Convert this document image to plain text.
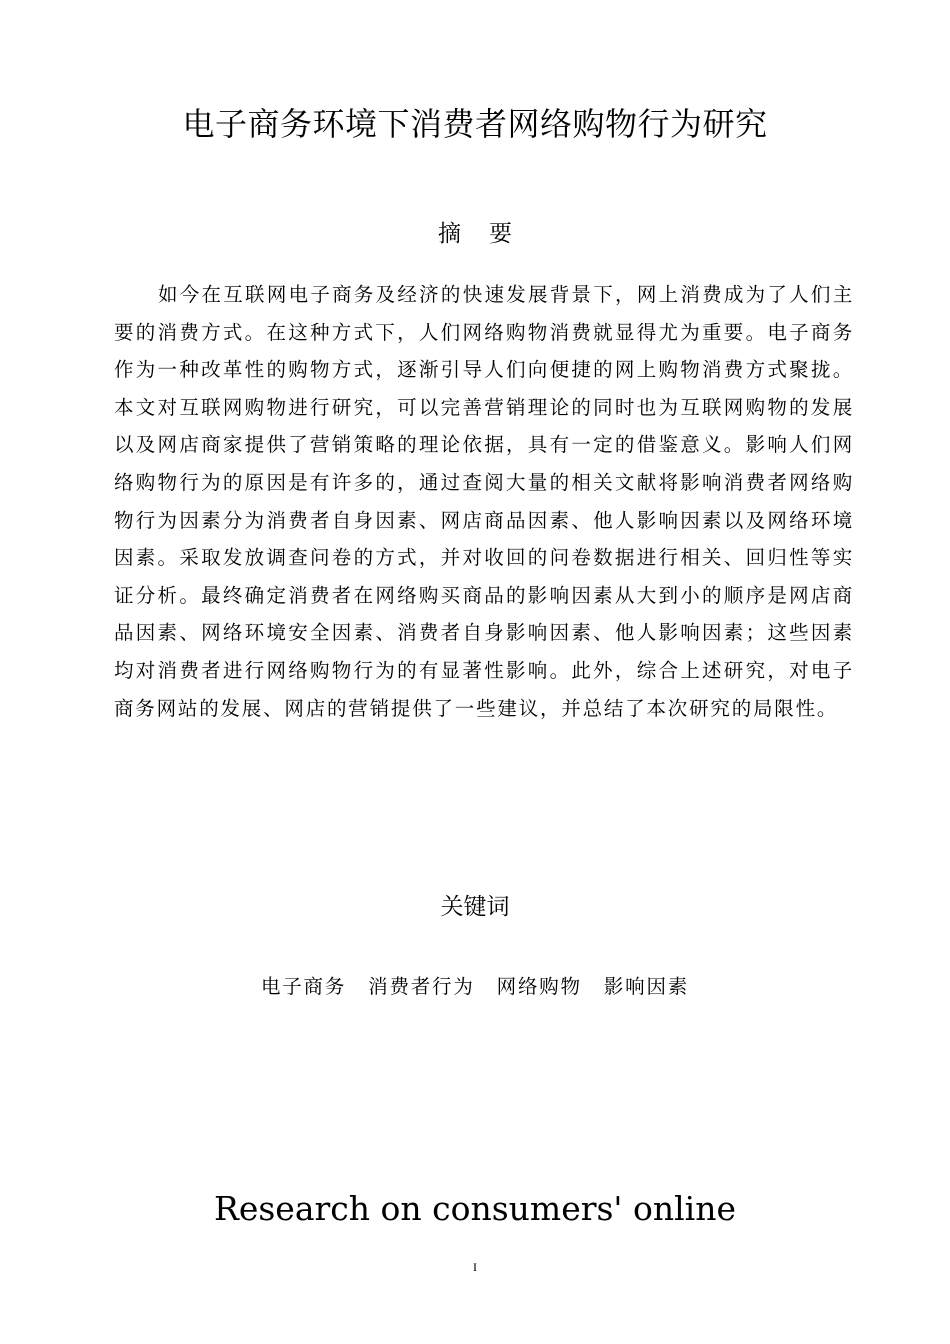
电子商务环境下消费者网络购物行为研究
摘 要
如今在互联网电子商务及经济的快速发展背景下，网上消费成为了人们主要的消费方式。在这种方式下，人们网络购物消费就显得尤为重要。电子商务作为一种改革性的购物方式，逐渐引导人们向便捷的网上购物消费方式聚拢。本文对互联网购物进行研究，可以完善营销理论的同时也为互联网购物的发展以及网店商家提供了营销策略的理论依据，具有一定的借鉴意义。影响人们网络购物行为的原因是有许多的，通过查阅大量的相关文献将影响消费者网络购物行为因素分为消费者自身因素、网店商品因素、他人影响因素以及网络环境因素。采取发放调查问卷的方式，并对收回的问卷数据进行相关、回归性等实证分析。最终确定消费者在网络购买商品的影响因素从大到小的顺序是网店商品因素、网络环境安全因素、消费者自身影响因素、他人影响因素；这些因素均对消费者进行网络购物行为的有显著性影响。此外，综合上述研究，对电子商务网站的发展、网店的营销提供了一些建议，并总结了本次研究的局限性。
关键词
电子商务 消费者行为 网络购物 影响因素
Research on consumers' online
I
